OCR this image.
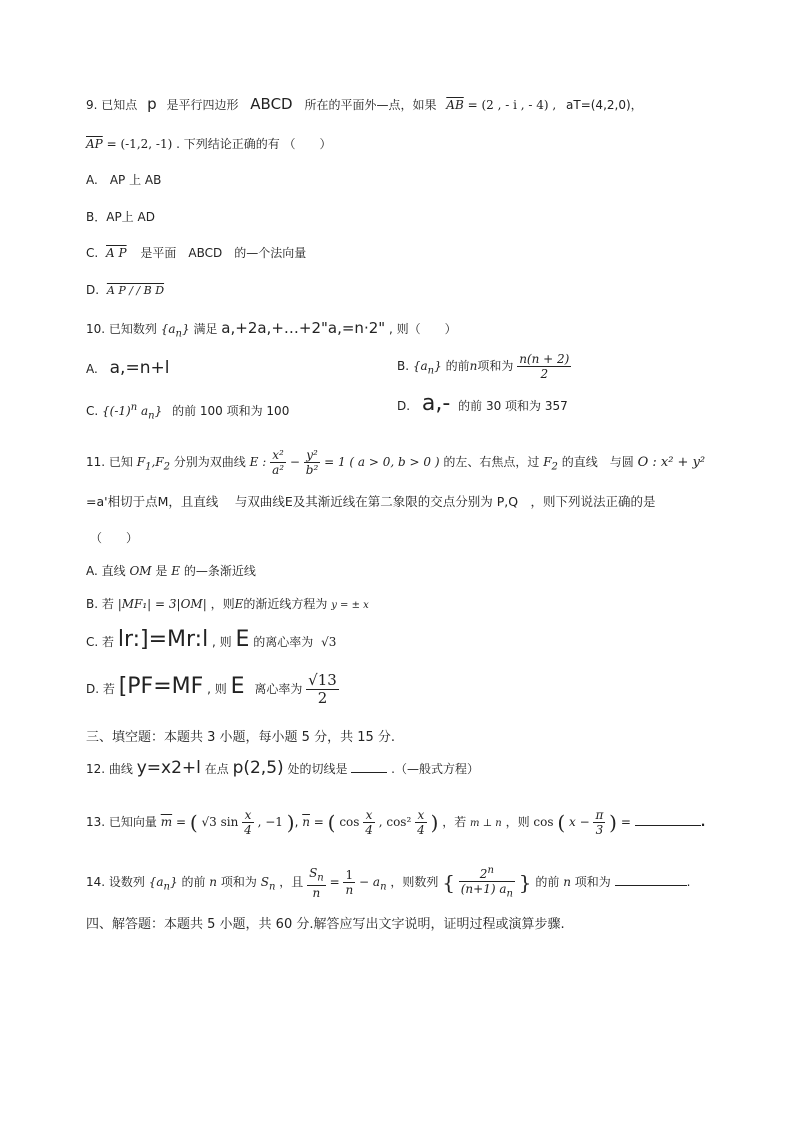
9. 已知点 p 是平行四边形 ABCD 所在的平面外—点，如果 $\overline{AB} = (2$ , - i , - 4) , aT=(4,2,0)，
$\overline{AP} = (-1,2$, -1) . 下列结论正确的有 （　　）
A.　AP 上 AB
B．AP上 AD
C. A P 是平面　ABCD　的—个法向量
D. A P / / B D
10. 已知数列 $\{a_n\}$ 满足 a,+2a,+…+2"a,=n·2" , 则（　　）
A. a,=n+l	B. $\{a_n\}$ 的前n项和为 $\frac{n(n + 2)}{2}$
C. {$(-1)^n$ $a_n$} 的前 100 项和为 100	D. a,- 的前 30 项和为 357
11. 已知 $F_1,F_2$ 分别为双曲线 E : $\frac{\text{x²}}{\text{a²}} - \frac{\text{y²}}{\text{b²}} = 1$ ( a > 0, b > 0 ) 的左、右焦点，过 $F_2$ 的直线　与圆 O : x² + y²
=a'相切于点M，且直线　 与双曲线E及其渐近线在第二象限的交点分别为 P,Q　，则下列说法正确的是
（　　）
A. 直线 OM 是 E 的—条渐近线
B. 若 |MF₁| = 3|OM| ，则E的渐近线方程为 y = ± x
C. 若 lr:]=Mr:l , 则 E 的离心率为 √3
D. 若 [PF=MF , 则 E 离心率为 $\frac{√13}{2}$
三、填空题：本题共 3 小题，每小题 5 分，共 15 分.
12. 曲线 y=x2+l 在点 p(2,5) 处的切线是	.（—般式方程）
13. 已知向量 $\overline{m}$ = ( √3 $\sin \frac{x}{4}$ , −1 ), $\overline{n}$ = ( $\cos \frac{x}{4}$ , $\cos^2 \frac{x}{4}$ ) ，若 m ⊥ n ，则 cos ( $x - \frac{\pi}{3}$ ) =	.
14. 设数列 $\{a_n\}$ 的前 n 项和为 $S_n$ ，且 $\frac{S_n}{n} = \frac{1}{n} - a_n$ ，则数列 { $\frac{2^n}{(n+1) a_n}$ } 的前 n 项和为	.
四、解答题：本题共 5 小题，共 60 分.解答应写出文字说明，证明过程或演算步骤.
